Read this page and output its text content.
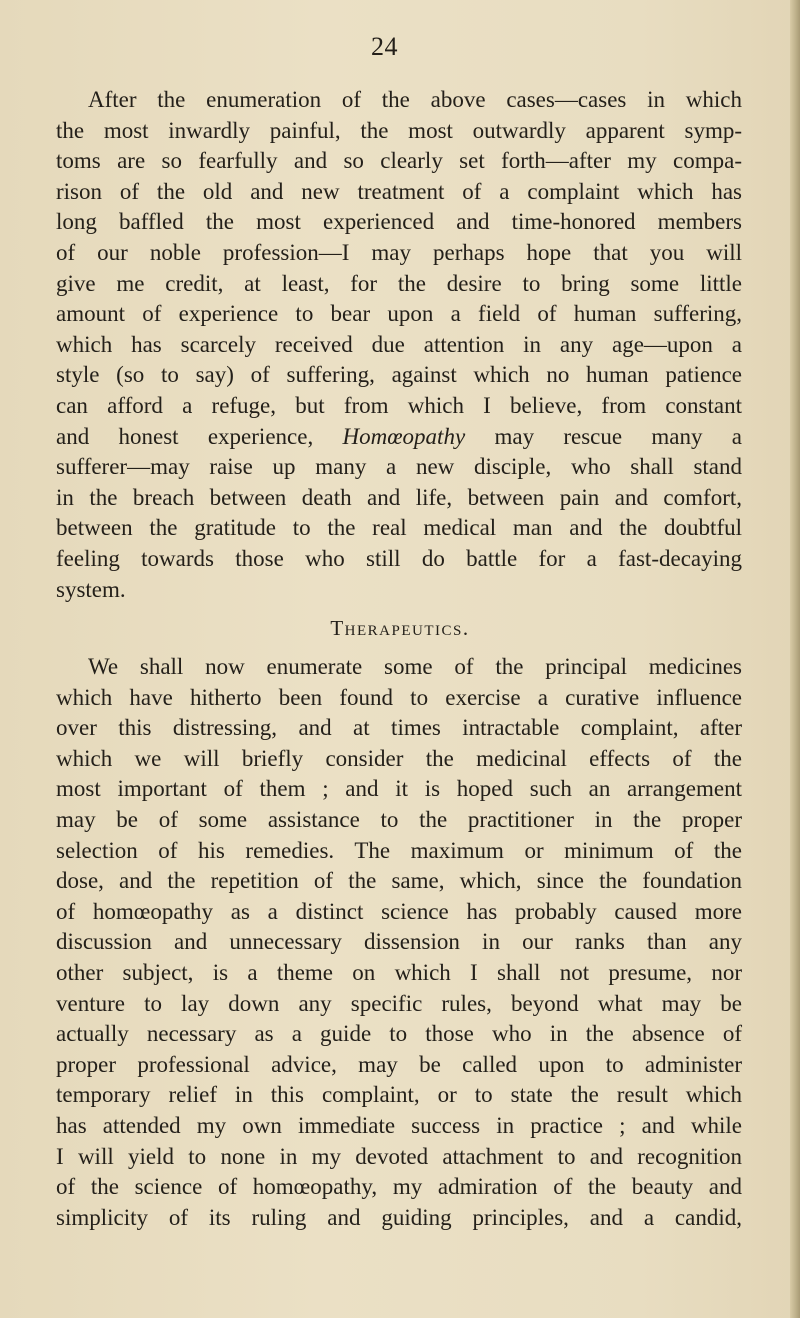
24
After the enumeration of the above cases—cases in which
the most inwardly painful, the most outwardly apparent symp-
toms are so fearfully and so clearly set forth—after my compa-
rison of the old and new treatment of a complaint which has
long baffled the most experienced and time-honored members
of our noble profession—I may perhaps hope that you will
give me credit, at least, for the desire to bring some little
amount of experience to bear upon a field of human suffering,
which has scarcely received due attention in any age—upon a
style (so to say) of suffering, against which no human patience
can afford a refuge, but from which I believe, from constant
and honest experience, Homœopathy may rescue many a
sufferer—may raise up many a new disciple, who shall stand
in the breach between death and life, between pain and comfort,
between the gratitude to the real medical man and the doubtful
feeling towards those who still do battle for a fast-decaying
system.
Therapeutics.
We shall now enumerate some of the principal medicines
which have hitherto been found to exercise a curative influence
over this distressing, and at times intractable complaint, after
which we will briefly consider the medicinal effects of the
most important of them ; and it is hoped such an arrangement
may be of some assistance to the practitioner in the proper
selection of his remedies. The maximum or minimum of the
dose, and the repetition of the same, which, since the foundation
of homœopathy as a distinct science has probably caused more
discussion and unnecessary dissension in our ranks than any
other subject, is a theme on which I shall not presume, nor
venture to lay down any specific rules, beyond what may be
actually necessary as a guide to those who in the absence of
proper professional advice, may be called upon to administer
temporary relief in this complaint, or to state the result which
has attended my own immediate success in practice ; and while
I will yield to none in my devoted attachment to and recognition
of the science of homœopathy, my admiration of the beauty and
simplicity of its ruling and guiding principles, and a candid,
